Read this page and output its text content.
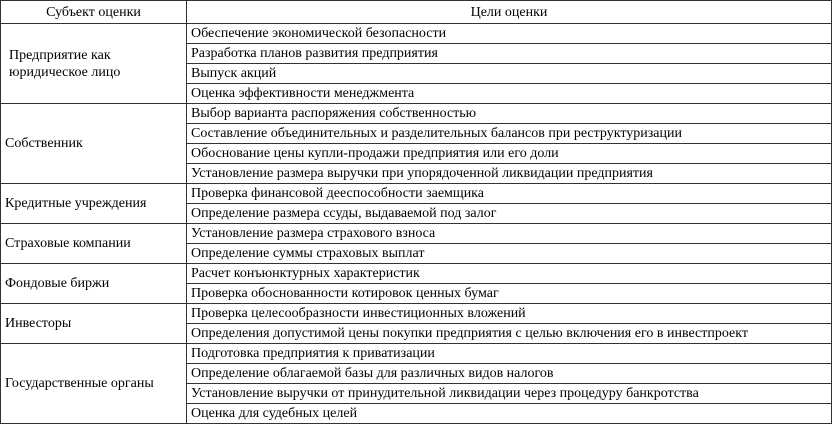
Субъект оценки	Цели оценки
Предприятие как юридическое лицо	Обеспечение экономической безопасности
	Разработка планов развития предприятия
	Выпуск акций
	Оценка эффективности менеджмента
Собственник	Выбор варианта распоряжения собственностью
	Составление объединительных и разделительных балансов при реструктуризации
	Обоснование цены купли-продажи предприятия или его доли
	Установление размера выручки при упорядоченной ликвидации предприятия
Кредитные учреждения	Проверка финансовой дееспособности заемщика
	Определение размера ссуды, выдаваемой под залог
Страховые компании	Установление размера страхового взноса
	Определение суммы страховых выплат
Фондовые биржи	Расчет конъюнктурных характеристик
	Проверка обоснованности котировок ценных бумаг
Инвесторы	Проверка целесообразности инвестиционных вложений
	Определения допустимой цены покупки предприятия с целью включения его в инвестпроект
Государственные органы	Подготовка предприятия к приватизации
	Определение облагаемой базы для различных видов налогов
	Установление выручки от принудительной ликвидации через процедуру банкротства
	Оценка для судебных целей
